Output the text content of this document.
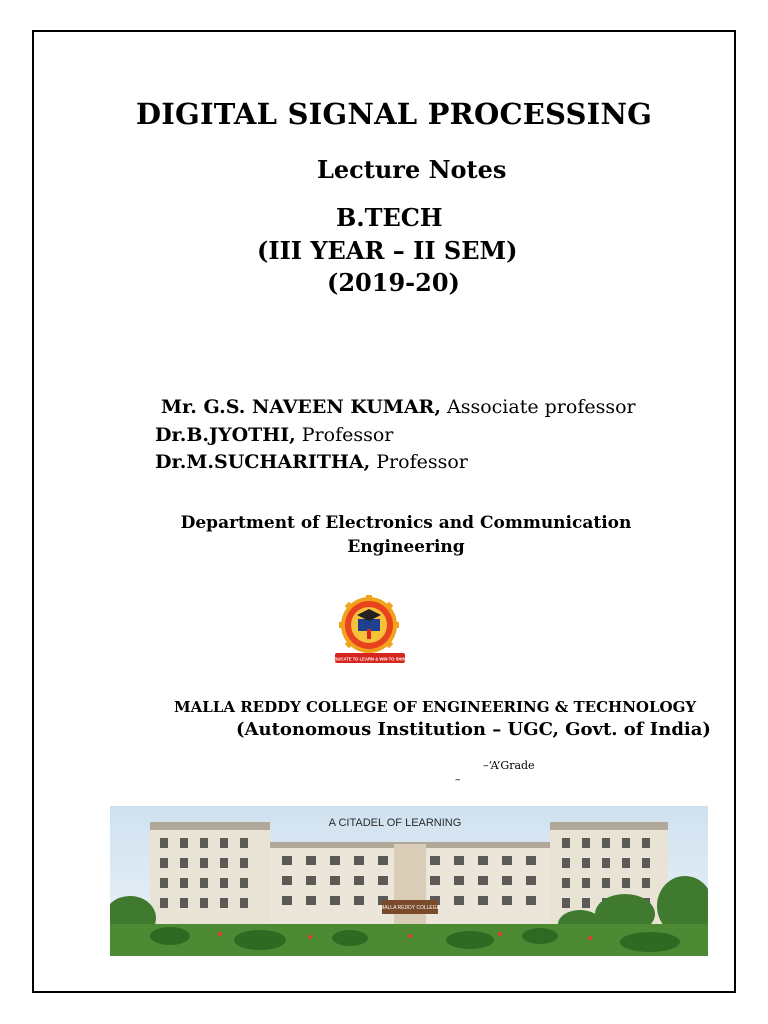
DIGITAL SIGNAL PROCESSING
Lecture Notes
B.TECH
(III YEAR – II SEM)
(2019-20)
Mr. G.S. NAVEEN KUMAR, Associate professor
Dr.B.JYOTHI, Professor
Dr.M.SUCHARITHA, Professor
Department of Electronics and Communication Engineering
EDUCATE TO LEARN & WIN TO SHINE
MALLA REDDY COLLEGE OF ENGINEERING & TECHNOLOGY
(Autonomous Institution – UGC, Govt. of India)
–‘A’Grade
–
MALLA REDDY COLLEGE
A CITADEL OF LEARNING
